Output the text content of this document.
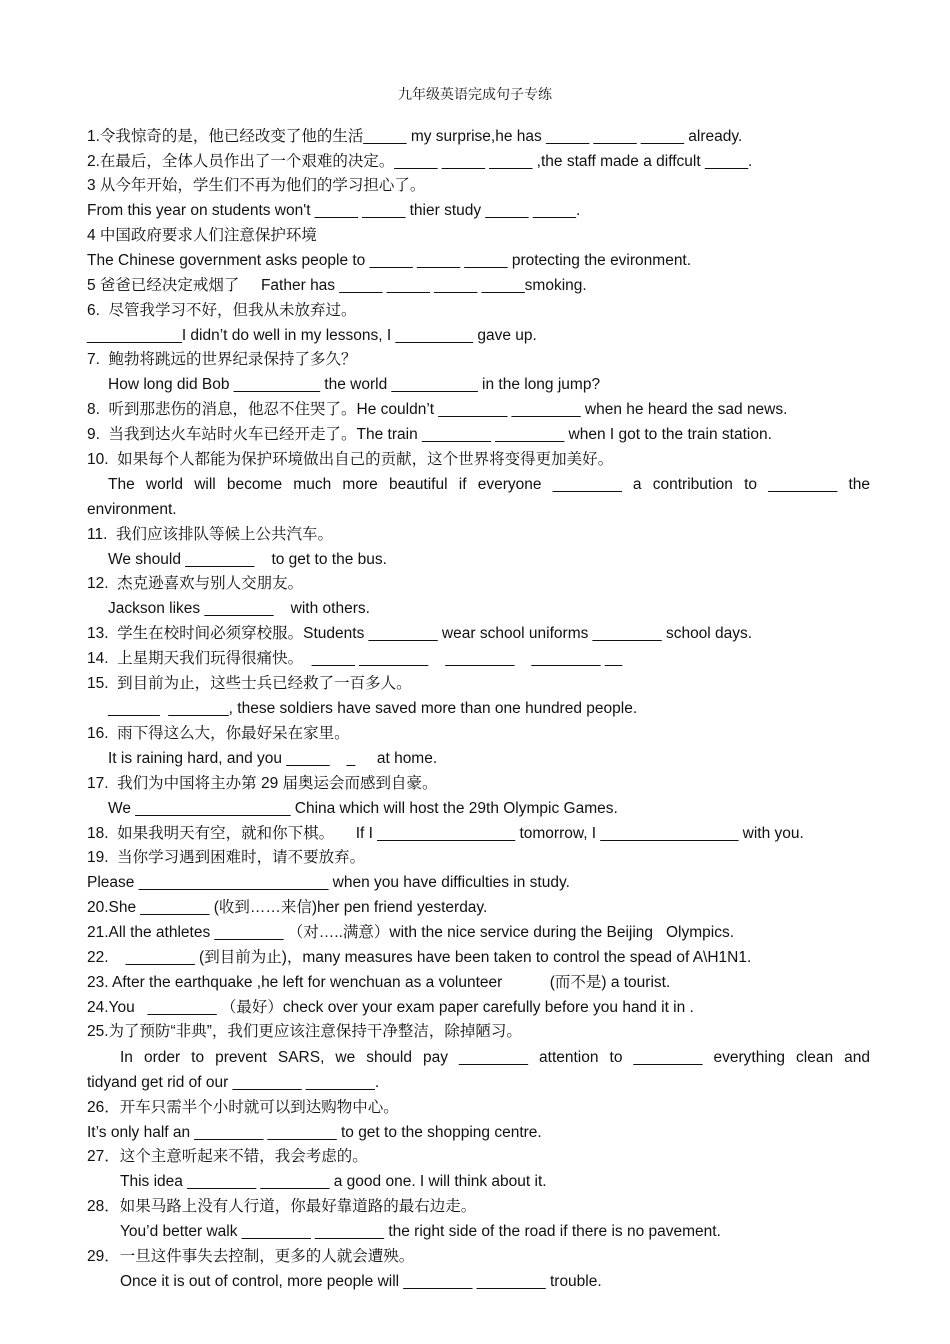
九年级英语完成句子专练
1.令我惊奇的是，他已经改变了他的生活_____ my surprise,he has _____ _____ _____ already.
2.在最后，全体人员作出了一个艰难的决定。_____ _____ _____ ,the staff made a diffcult _____.
3 从今年开始，学生们不再为他们的学习担心了。
From this year on students won't _____ _____ thier study _____ _____.
4 中国政府要求人们注意保护环境
The Chinese government asks people to _____ _____ _____ protecting the evironment.
5 爸爸已经决定戒烟了     Father has _____ _____ _____ _____smoking.
6.  尽管我学习不好，但我从未放弃过。
___________I didn’t do well in my lessons, I _________ gave up.
7.  鲍勃将跳远的世界纪录保持了多久？
How long did Bob __________ the world __________ in the long jump?
8.  听到那悲伤的消息，他忍不住哭了。He couldn’t ________ ________ when he heard the sad news.
9.  当我到达火车站时火车已经开走了。The train ________ ________ when I got to the train station.
10.  如果每个人都能为保护环境做出自己的贡献，这个世界将变得更加美好。
The world will become much more beautiful if everyone ________ a contribution to ________ the
environment.
11.  我们应该排队等候上公共汽车。
We should ________    to get to the bus.
12.  杰克逊喜欢与别人交朋友。
Jackson likes ________    with others.
13.  学生在校时间必须穿校服。Students ________ wear school uniforms ________ school days.
14.  上星期天我们玩得很痛快。  _____ ________    ________    ________ __
15.  到目前为止，这些士兵已经救了一百多人。
______  _______, these soldiers have saved more than one hundred people.
16.  雨下得这么大，你最好呆在家里。
It is raining hard, and you _____    _     at home.
17.  我们为中国将主办第 29 届奥运会而感到自豪。
We __________________ China which will host the 29th Olympic Games.
18.  如果我明天有空，就和你下棋。     If I ________________ tomorrow, I ________________ with you.
19.  当你学习遇到困难时，请不要放弃。
Please ______________________ when you have difficulties in study.
20.She ________ (收到……来信)her pen friend yesterday.
21.All the athletes ________ （对…..满意）with the nice service during the Beijing   Olympics.
22.    ________ (到目前为止)，many measures have been taken to control the spead of A\H1N1.
23. After the earthquake ,he left for wenchuan as a volunteer           (而不是) a tourist.
24.You   ________ （最好）check over your exam paper carefully before you hand it in .
25.为了预防“非典”，我们更应该注意保持干净整洁，除掉陋习。
In order to prevent SARS, we should pay ________ attention to ________ everything clean and
tidyand get rid of our ________ ________.
26．开车只需半个小时就可以到达购物中心。
It’s only half an ________ ________ to get to the shopping centre.
27．这个主意听起来不错，我会考虑的。
This idea ________ ________ a good one. I will think about it.
28．如果马路上没有人行道，你最好靠道路的最右边走。
You’d better walk ________ ________ the right side of the road if there is no pavement.
29．一旦这件事失去控制，更多的人就会遭殃。
Once it is out of control, more people will ________ ________ trouble.
